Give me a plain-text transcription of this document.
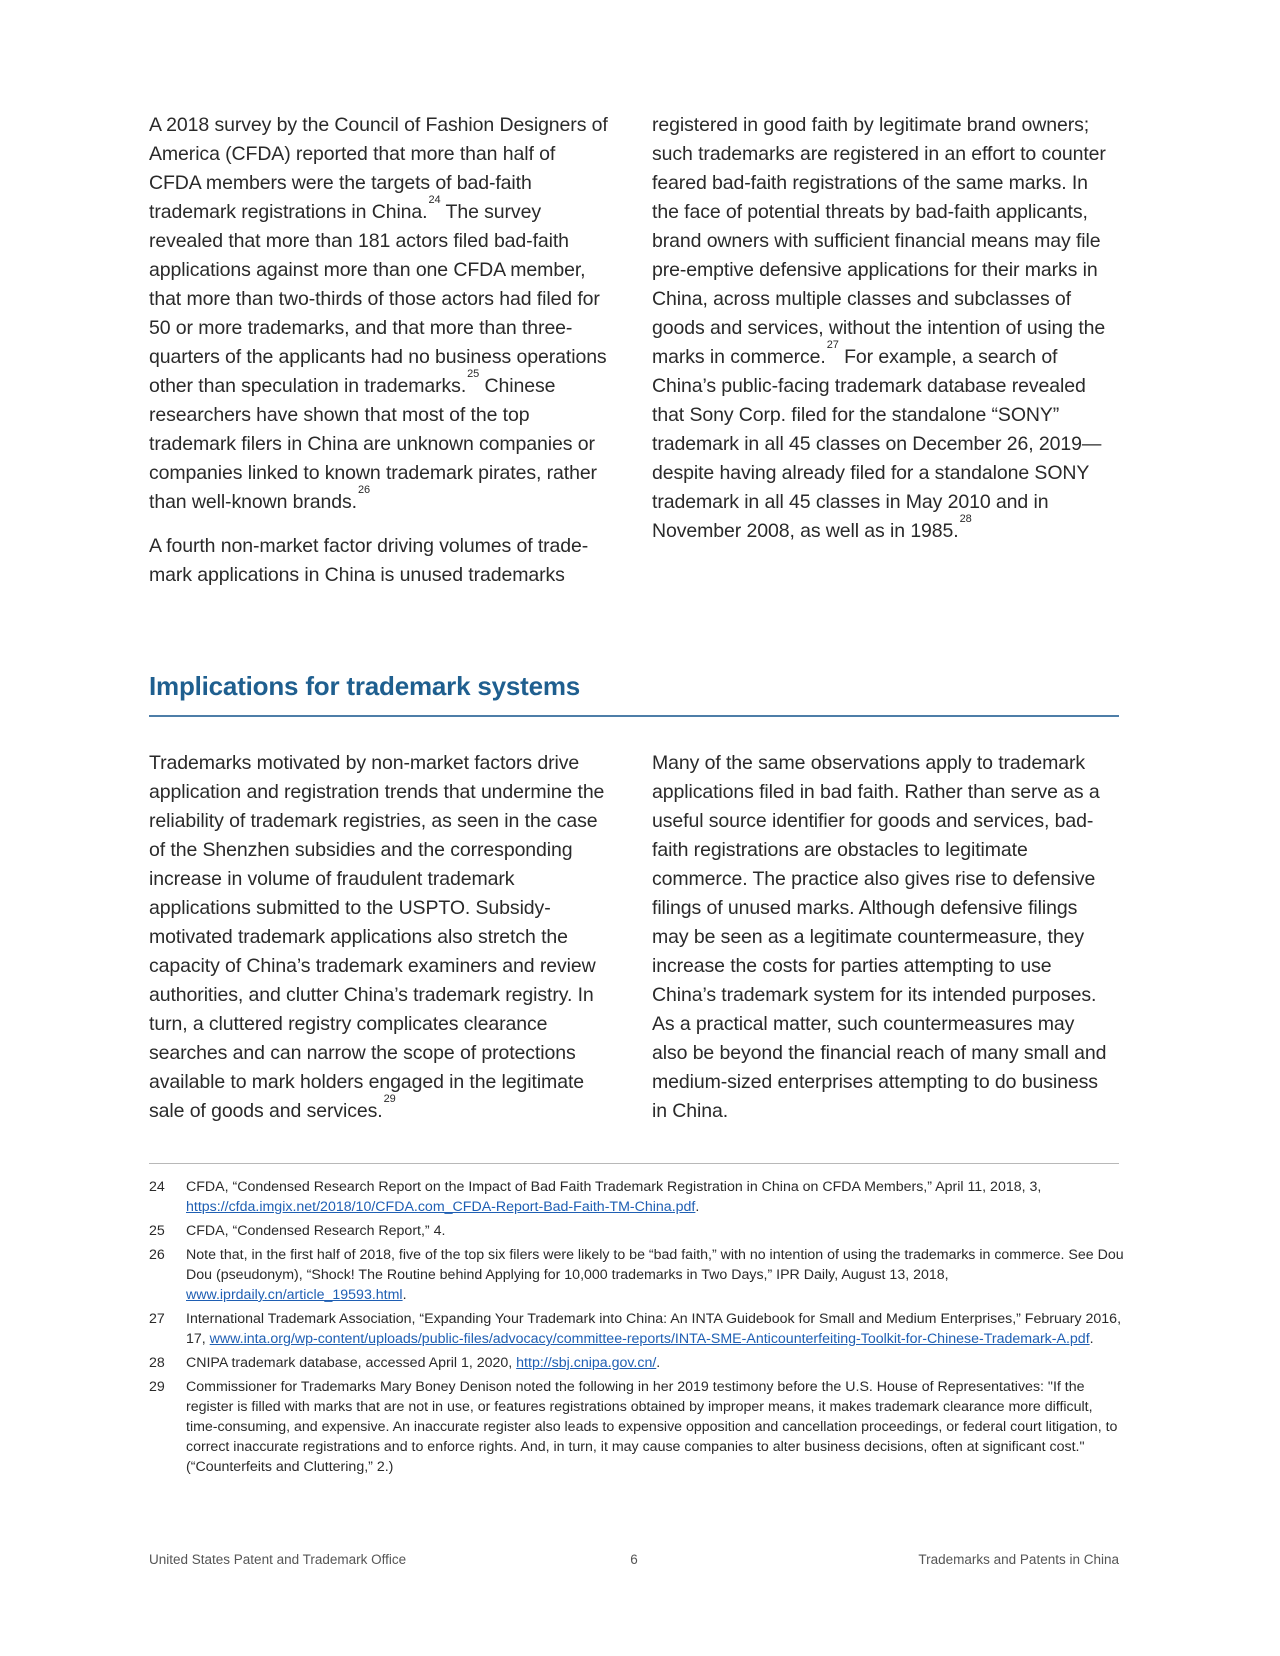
A 2018 survey by the Council of Fashion Designers of America (CFDA) reported that more than half of CFDA members were the targets of bad-faith trademark registrations in China.$^{24}$ The survey revealed that more than 181 actors filed bad-faith applications against more than one CFDA member, that more than two-thirds of those actors had filed for 50 or more trademarks, and that more than three-quarters of the applicants had no business operations other than speculation in trademarks.$^{25}$ Chinese researchers have shown that most of the top trademark filers in China are unknown companies or companies linked to known trademark pirates, rather than well-known brands.$^{26}$

A fourth non-market factor driving volumes of trademark applications in China is unused trademarks

registered in good faith by legitimate brand owners; such trademarks are registered in an effort to counter feared bad-faith registrations of the same marks. In the face of potential threats by bad-faith applicants, brand owners with sufficient financial means may file pre-emptive defensive applications for their marks in China, across multiple classes and subclasses of goods and services, without the intention of using the marks in commerce.$^{27}$ For example, a search of China’s public-facing trademark database revealed that Sony Corp. filed for the standalone “SONY” trademark in all 45 classes on December 26, 2019—despite having already filed for a standalone SONY trademark in all 45 classes in May 2010 and in November 2008, as well as in 1985.28

Implications for trademark systems

Trademarks motivated by non-market factors drive application and registration trends that undermine the reliability of trademark registries, as seen in the case of the Shenzhen subsidies and the corresponding increase in volume of fraudulent trademark applications submitted to the USPTO. Subsidy-motivated trademark applications also stretch the capacity of China’s trademark examiners and review authorities, and clutter China’s trademark registry. In turn, a cluttered registry complicates clearance searches and can narrow the scope of protections available to mark holders engaged in the legitimate sale of goods and services.$^{29}$

Many of the same observations apply to trademark applications filed in bad faith. Rather than serve as a useful source identifier for goods and services, bad-faith registrations are obstacles to legitimate commerce. The practice also gives rise to defensive filings of unused marks. Although defensive filings may be seen as a legitimate countermeasure, they increase the costs for parties attempting to use China’s trademark system for its intended purposes. As a practical matter, such countermeasures may also be beyond the financial reach of many small and medium-sized enterprises attempting to do business in China.

24 CFDA, “Condensed Research Report on the Impact of Bad Faith Trademark Registration in China on CFDA Members,” April 11, 2018, 3, https://cfda.imgix.net/2018/10/CFDA.com_CFDA-Report-Bad-Faith-TM-China.pdf.
25 CFDA, “Condensed Research Report,” 4.
26 Note that, in the first half of 2018, five of the top six filers were likely to be “bad faith,” with no intention of using the trademarks in commerce. See Dou Dou (pseudonym), “Shock! The Routine behind Applying for 10,000 trademarks in Two Days,” IPR Daily, August 13, 2018, www.iprdaily.cn/article_19593.html.
27 International Trademark Association, “Expanding Your Trademark into China: An INTA Guidebook for Small and Medium Enterprises,” February 2016, 17, www.inta.org/wp-content/uploads/public-files/advocacy/committee-reports/INTA-SME-Anticounterfeiting-Toolkit-for-Chinese-Trademark-A.pdf.
28 CNIPA trademark database, accessed April 1, 2020, http://sbj.cnipa.gov.cn/.
29 Commissioner for Trademarks Mary Boney Denison noted the following in her 2019 testimony before the U.S. House of Representatives: "If the register is filled with marks that are not in use, or features registrations obtained by improper means, it makes trademark clearance more difficult, time-consuming, and expensive. An inaccurate register also leads to expensive opposition and cancellation proceedings, or federal court litigation, to correct inaccurate registrations and to enforce rights. And, in turn, it may cause companies to alter business decisions, often at significant cost." (“Counterfeits and Cluttering,” 2.)
United States Patent and Trademark Office	6	Trademarks and Patents in China
